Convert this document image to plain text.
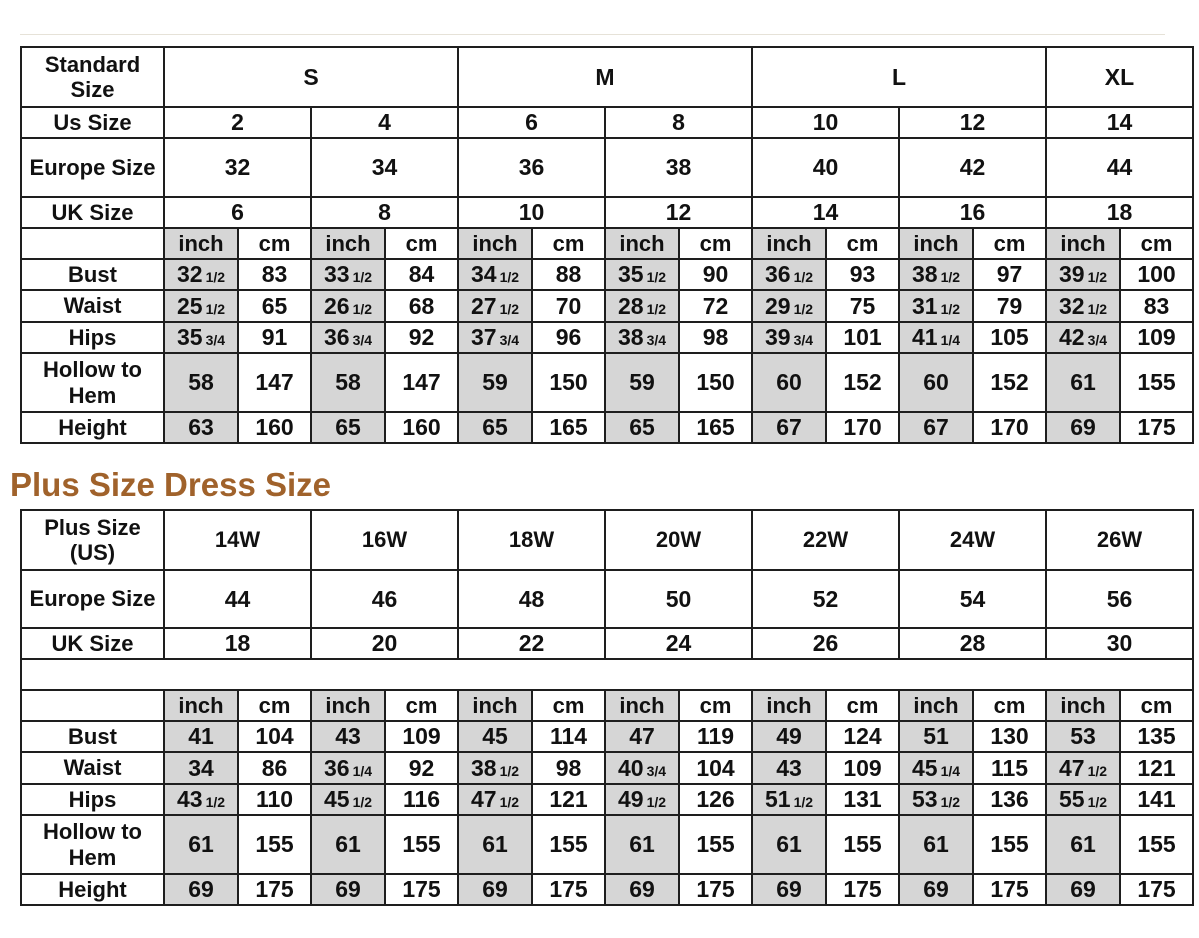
Standard Size	S				M				L				XL	
Us Size	2		4		6		8		10		12		14	
Europe Size	32		34		36		38		40		42		44	
UK Size	6		8		10		12		14		16		18	
	inch	cm	inch	cm	inch	cm	inch	cm	inch	cm	inch	cm	inch	cm
Bust	32 1/2	83	33 1/2	84	34 1/2	88	35 1/2	90	36 1/2	93	38 1/2	97	39 1/2	100
Waist	25 1/2	65	26 1/2	68	27 1/2	70	28 1/2	72	29 1/2	75	31 1/2	79	32 1/2	83
Hips	35 3/4	91	36 3/4	92	37 3/4	96	38 3/4	98	39 3/4	101	41 1/4	105	42 3/4	109
Hollow to Hem	58	147	58	147	59	150	59	150	60	152	60	152	61	155
Height	63	160	65	160	65	165	65	165	67	170	67	170	69	175
Plus Size Dress Size
Plus Size (US)	14W		16W		18W		20W		22W		24W		26W	
Europe Size	44		46		48		50		52		54		56	
UK Size	18		20		22		24		26		28		30	

	inch	cm	inch	cm	inch	cm	inch	cm	inch	cm	inch	cm	inch	cm
Bust	41	104	43	109	45	114	47	119	49	124	51	130	53	135
Waist	34	86	36 1/4	92	38 1/2	98	40 3/4	104	43	109	45 1/4	115	47 1/2	121
Hips	43 1/2	110	45 1/2	116	47 1/2	121	49 1/2	126	51 1/2	131	53 1/2	136	55 1/2	141
Hollow to Hem	61	155	61	155	61	155	61	155	61	155	61	155	61	155
Height	69	175	69	175	69	175	69	175	69	175	69	175	69	175
